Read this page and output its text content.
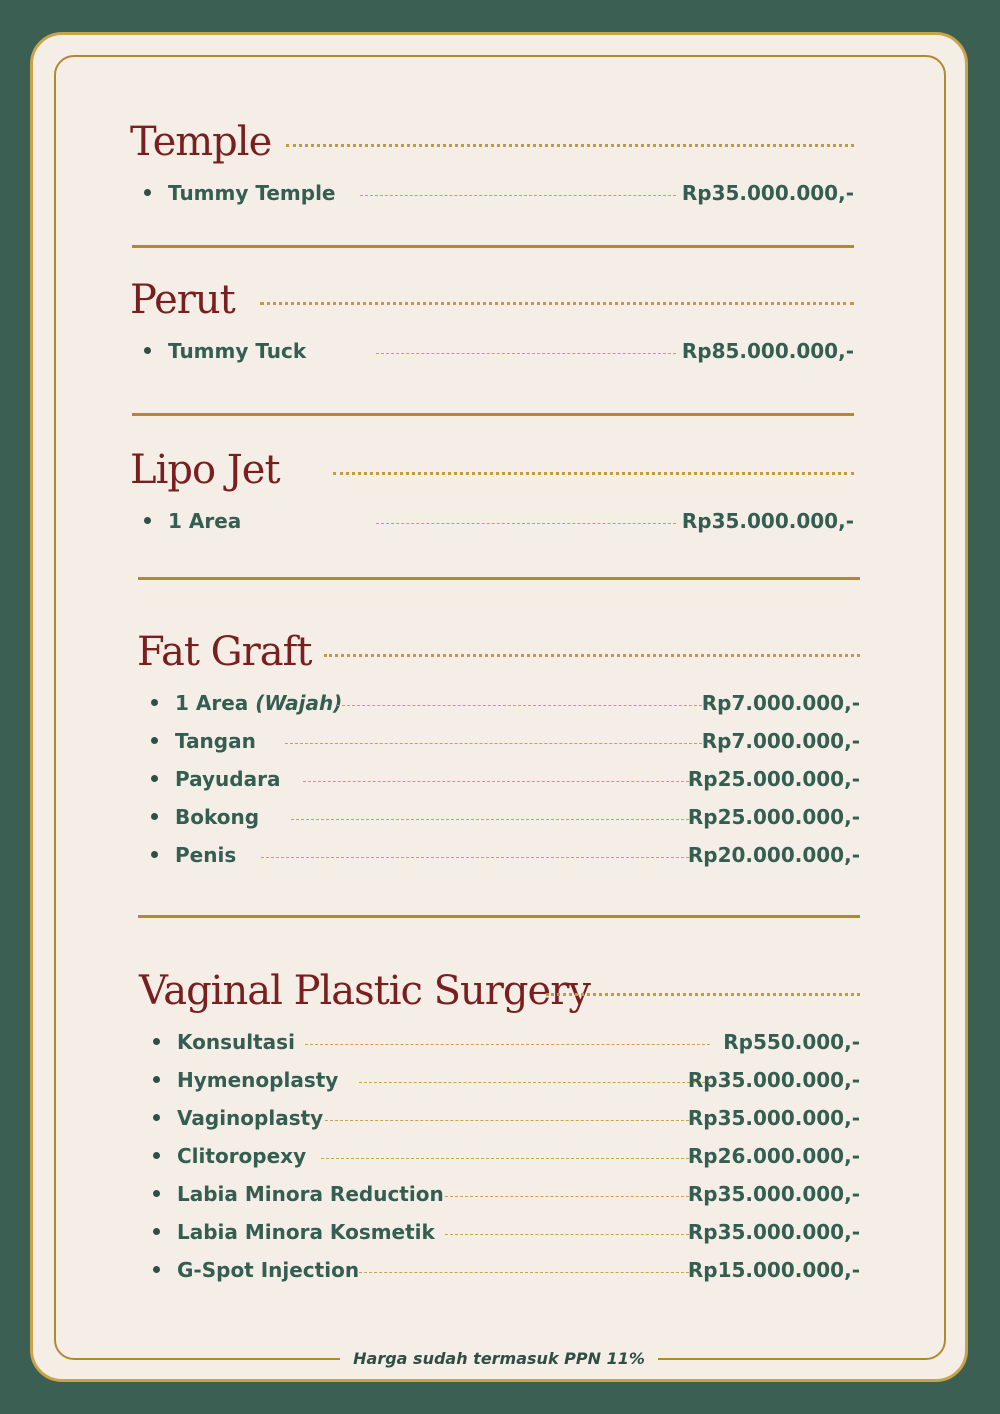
Temple
Tummy Temple	Rp35.000.000,-
Perut
Tummy Tuck	Rp85.000.000,-
Lipo Jet
1 Area	Rp35.000.000,-
Fat Graft
1 Area (Wajah)	Rp7.000.000,-
Tangan	Rp7.000.000,-
Payudara	Rp25.000.000,-
Bokong	Rp25.000.000,-
Penis	Rp20.000.000,-
Vaginal Plastic Surgery
Konsultasi	Rp550.000,-
Hymenoplasty	Rp35.000.000,-
Vaginoplasty	Rp35.000.000,-
Clitoropexy	Rp26.000.000,-
Labia Minora Reduction	Rp35.000.000,-
Labia Minora Kosmetik	Rp35.000.000,-
G-Spot Injection	Rp15.000.000,-
Harga sudah termasuk PPN 11%
